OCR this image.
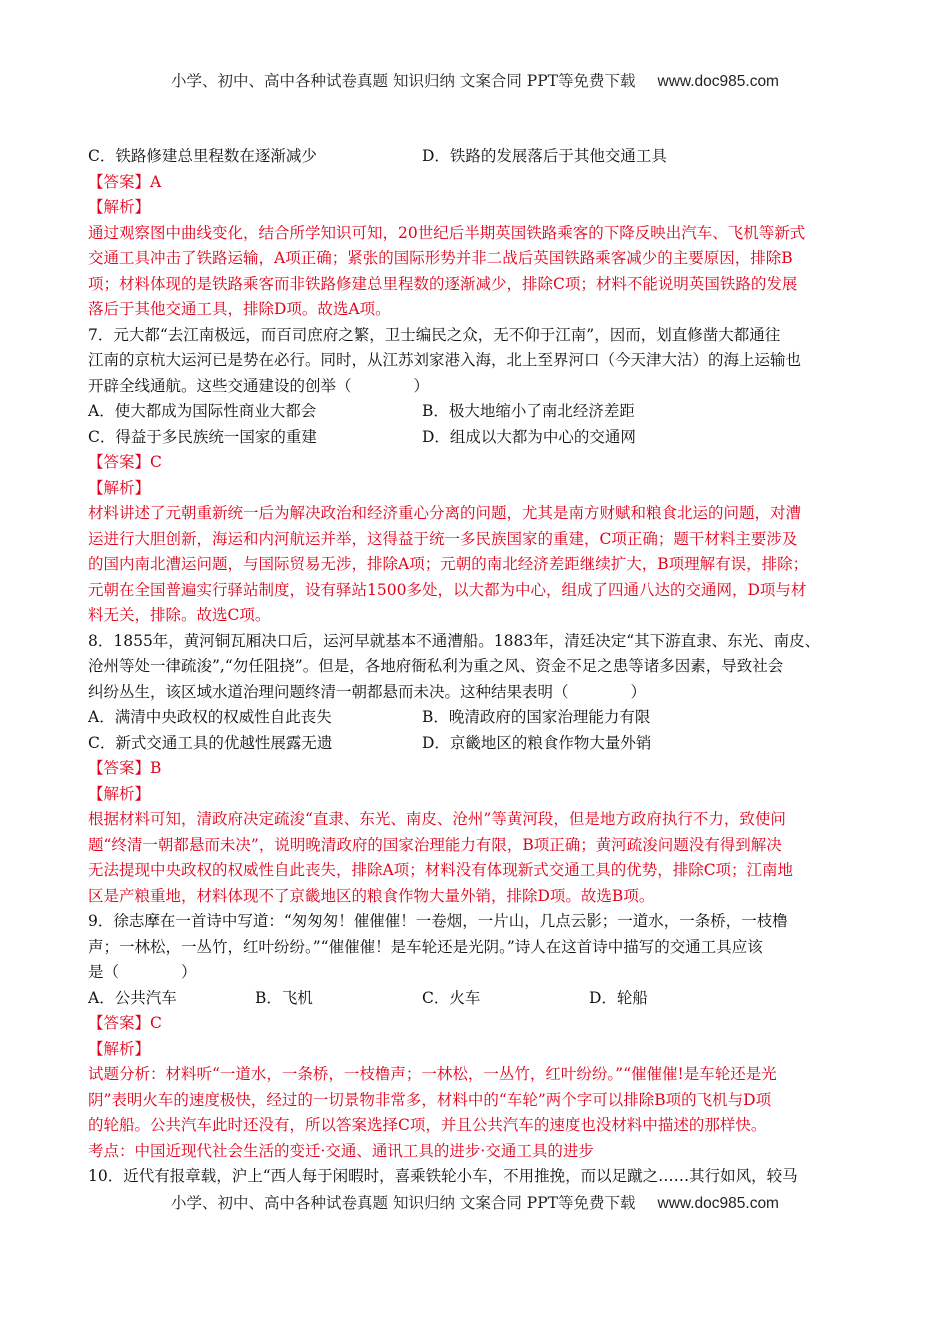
小学、初中、高中各种试卷真题 知识归纳 文案合同 PPT等免费下载 www.doc985.com
C．铁路修建总里程数在逐渐减少	D．铁路的发展落后于其他交通工具
【答案】A
【解析】
通过观察图中曲线变化，结合所学知识可知，20世纪后半期英国铁路乘客的下降反映出汽车、飞机等新式
交通工具冲击了铁路运输，A项正确；紧张的国际形势并非二战后英国铁路乘客减少的主要原因，排除B
项；材料体现的是铁路乘客而非铁路修建总里程数的逐渐减少，排除C项；材料不能说明英国铁路的发展
落后于其他交通工具，排除D项。故选A项。
7．元大都“去江南极远，而百司庶府之繁，卫士编民之众，无不仰于江南”，因而，划直修凿大都通往
江南的京杭大运河已是势在必行。同时，从江苏刘家港入海，北上至界河口（今天津大沽）的海上运输也
开辟全线通航。这些交通建设的创举（　　　　）
A．使大都成为国际性商业大都会	B．极大地缩小了南北经济差距
C．得益于多民族统一国家的重建	D．组成以大都为中心的交通网
【答案】C
【解析】
材料讲述了元朝重新统一后为解决政治和经济重心分离的问题，尤其是南方财赋和粮食北运的问题，对漕
运进行大胆创新，海运和内河航运并举，这得益于统一多民族国家的重建，C项正确；题干材料主要涉及
的国内南北漕运问题，与国际贸易无涉，排除A项；元朝的南北经济差距继续扩大，B项理解有误，排除；
元朝在全国普遍实行驿站制度，设有驿站1500多处，以大都为中心，组成了四通八达的交通网，D项与材
料无关，排除。故选C项。
8．1855年，黄河铜瓦厢决口后，运河早就基本不通漕船。1883年，清廷决定“其下游直隶、东光、南皮、
沧州等处一律疏浚”,“勿任阻挠”。但是，各地府衙私利为重之风、资金不足之患等诸多因素，导致社会
纠纷丛生，该区域水道治理问题终清一朝都悬而未决。这种结果表明（　　　　）
A．满清中央政权的权威性自此丧失	B．晚清政府的国家治理能力有限
C．新式交通工具的优越性展露无遗	D．京畿地区的粮食作物大量外销
【答案】B
【解析】
根据材料可知，清政府决定疏浚“直隶、东光、南皮、沧州”等黄河段，但是地方政府执行不力，致使问
题“终清一朝都悬而未决”，说明晚清政府的国家治理能力有限，B项正确；黄河疏浚问题没有得到解决
无法提现中央政权的权威性自此丧失，排除A项；材料没有体现新式交通工具的优势，排除C项；江南地
区是产粮重地，材料体现不了京畿地区的粮食作物大量外销，排除D项。故选B项。
9．徐志摩在一首诗中写道：“匆匆匆！催催催！一卷烟，一片山，几点云影；一道水，一条桥，一枝橹
声；一林松，一丛竹，红叶纷纷。”“催催催！是车轮还是光阴。”诗人在这首诗中描写的交通工具应该
是（　　　　）
A．公共汽车	B．飞机	C．火车	D．轮船
【答案】C
【解析】
试题分析：材料听“一道水，一条桥，一枝橹声；一林松，一丛竹，红叶纷纷。”“催催催!是车轮还是光
阴”表明火车的速度极快，经过的一切景物非常多，材料中的“车轮”两个字可以排除B项的飞机与D项
的轮船。公共汽车此时还没有，所以答案选择C项，并且公共汽车的速度也没材料中描述的那样快。
考点：中国近现代社会生活的变迁·交通、通讯工具的进步·交通工具的进步
10．近代有报章载，沪上“西人每于闲暇时，喜乘铁轮小车，不用推挽，而以足蹴之……其行如风，较马
小学、初中、高中各种试卷真题 知识归纳 文案合同 PPT等免费下载 www.doc985.com
